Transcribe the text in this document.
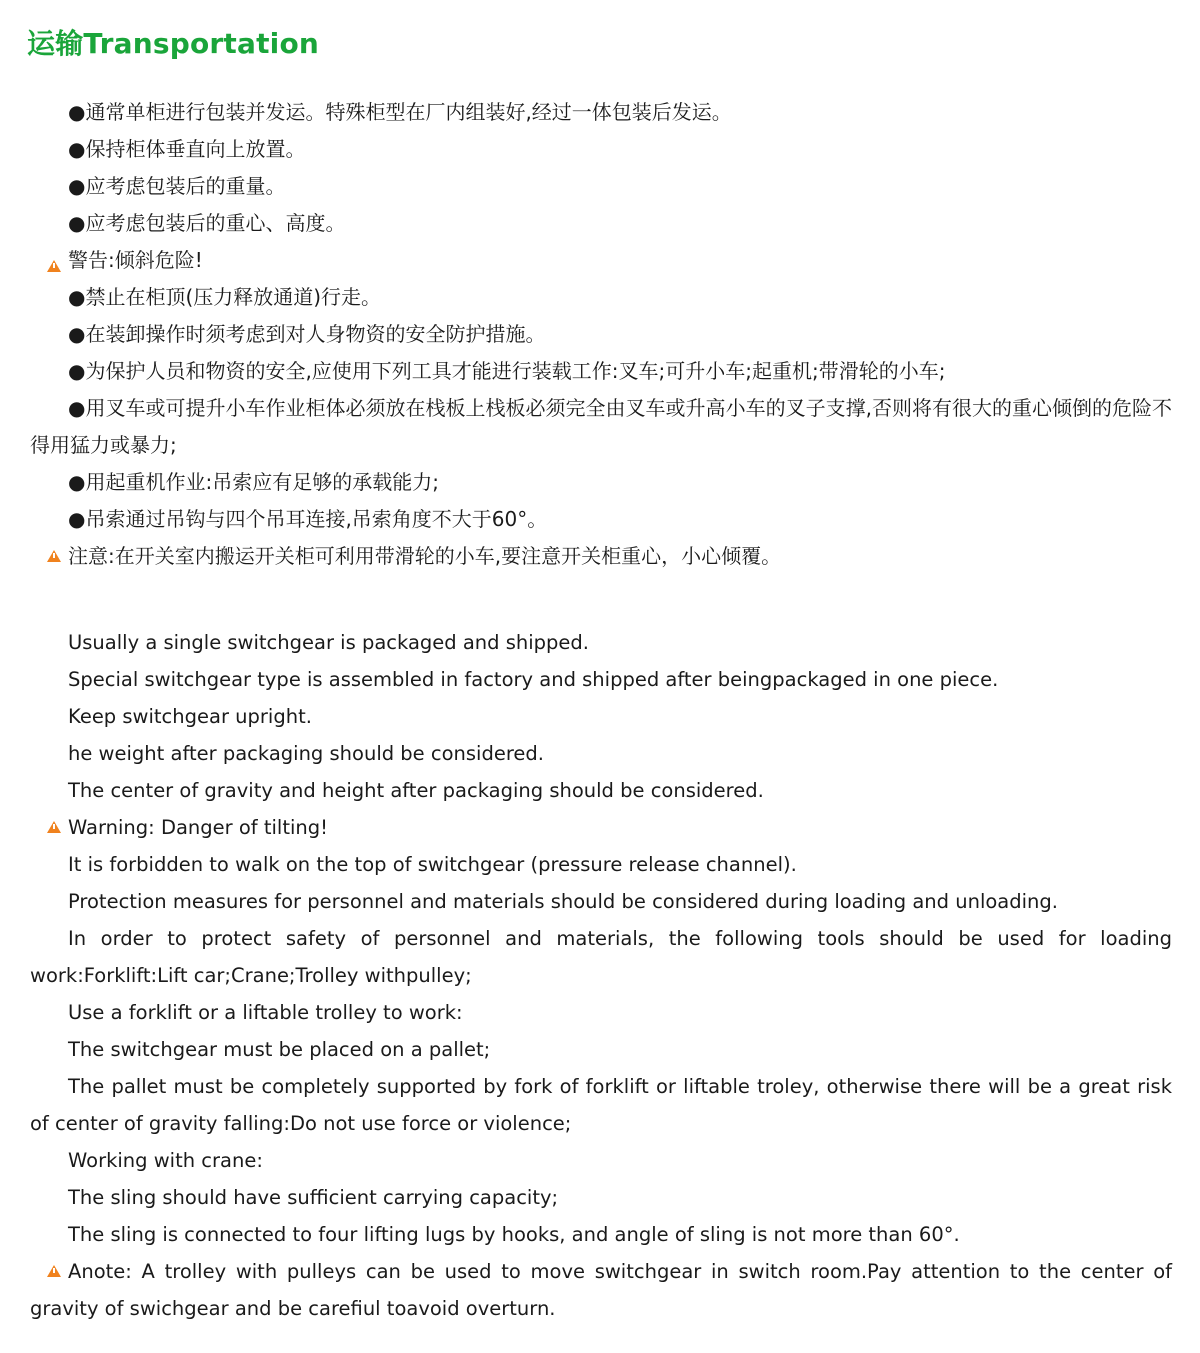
运输Transportation
●通常单柜进行包装并发运。特殊柜型在厂内组装好,经过一体包装后发运。
●保持柜体垂直向上放置。
●应考虑包装后的重量。
●应考虑包装后的重心、高度。
警告:倾斜危险!
●禁止在柜顶(压力释放通道)行走。
●在装卸操作时须考虑到对人身物资的安全防护措施。
●为保护人员和物资的安全,应使用下列工具才能进行装载工作:叉车;可升小车;起重机;带滑轮的小车;
●用叉车或可提升小车作业柜体必须放在栈板上栈板必须完全由叉车或升高小车的叉子支撑,否则将有很大的重心倾倒的危险不得用猛力或暴力;
●用起重机作业:吊索应有足够的承载能力;
●吊索通过吊钩与四个吊耳连接,吊索角度不大于60°。
注意:在开关室内搬运开关柜可利用带滑轮的小车,要注意开关柜重心，小心倾覆。
Usually a single switchgear is packaged and shipped.
Special switchgear type is assembled in factory and shipped after beingpackaged in one piece.
Keep switchgear upright.
he weight after packaging should be considered.
The center of gravity and height after packaging should be considered.
Warning: Danger of tilting!
It is forbidden to walk on the top of switchgear (pressure release channel).
Protection measures for personnel and materials should be considered during loading and unloading.
In order to protect safety of personnel and materials, the following tools should be used for loading work:Forklift:Lift car;Crane;Trolley withpulley;
Use a forklift or a liftable trolley to work:
The switchgear must be placed on a pallet;
The pallet must be completely supported by fork of forklift or liftable troley, otherwise there will be a great risk of center of gravity falling:Do not use force or violence;
Working with crane:
The sling should have sufficient carrying capacity;
The sling is connected to four lifting lugs by hooks, and angle of sling is not more than 60°.
Anote: A trolley with pulleys can be used to move switchgear in switch room.Pay attention to the center of gravity of swichgear and be carefiul toavoid overturn.
